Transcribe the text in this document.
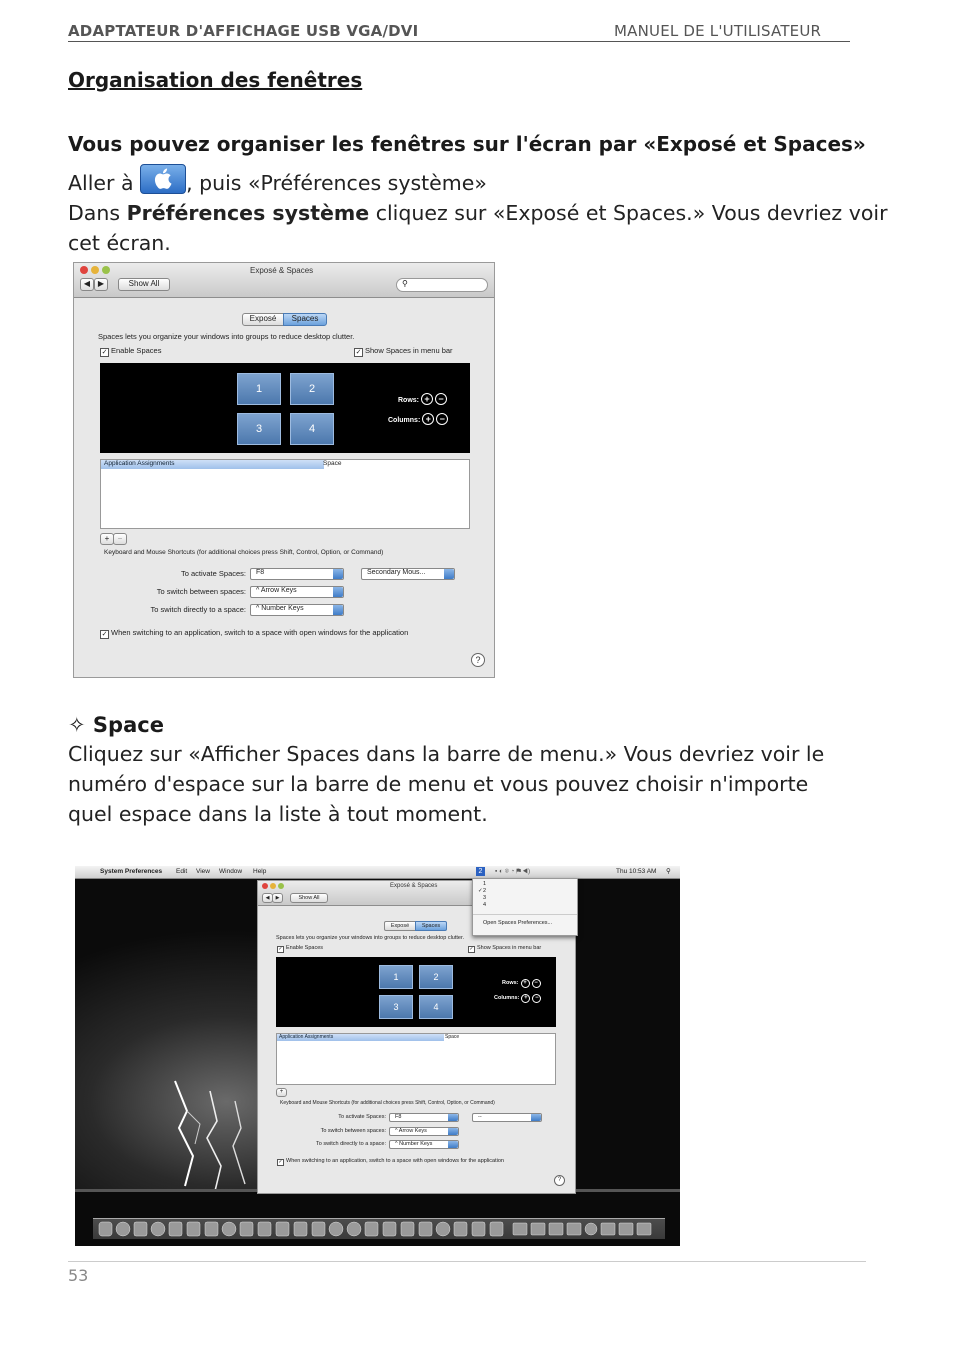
ADAPTATEUR D'AFFICHAGE USB VGA/DVI	MANUEL DE L'UTILISATEUR
Organisation des fenêtres
Vous pouvez organiser les fenêtres sur l'écran par «Exposé et Spaces»
Aller à	, puis «Préférences système»
Dans Préférences système cliquez sur «Exposé et Spaces.» Vous devriez voir
cet écran.
Exposé & Spaces
◀ ▶	Show All	⚲
Exposé	Spaces
Spaces lets you organize your windows into groups to reduce desktop clutter.
✓ Enable Spaces	✓ Show Spaces in menu bar
1	2
3	4
Rows: + −
Columns: + −
Application Assignments	Space
+	−
Keyboard and Mouse Shortcuts (for additional choices press Shift, Control, Option, or Command)
To activate Spaces:	F8	Secondary Mous...
To switch between spaces:	^ Arrow Keys
To switch directly to a space:	^ Number Keys
✓ When switching to an application, switch to a space with open windows for the application
?
✧ Space
Cliquez sur «Afficher Spaces dans la barre de menu.» Vous devriez voir le
numéro d'espace sur la barre de menu et vous pouvez choisir n'importe
quel espace dans la liste à tout moment.
System Preferences Edit View Window Help	2	▪ ◐ ⌾ ◔ ⚑ ◀)	Thu 10:53 AM ⚲
Exposé & Spaces
◀	▶	Show All
Exposé	Spaces
Spaces lets you organize your windows into groups to reduce desktop clutter.
✓ Enable Spaces	✓ Show Spaces in menu bar
1	2
3	4
Rows: + −
Columns: + −
Application Assignments	Space
+
Keyboard and Mouse Shortcuts (for additional choices press Shift, Control, Option, or Command)
To activate Spaces:	F8	--
To switch between spaces:	^ Arrow Keys
To switch directly to a space:	^ Number Keys
✓ When switching to an application, switch to a space with open windows for the application
?
1
✓ 2
3
4
Open Spaces Preferences...
53
